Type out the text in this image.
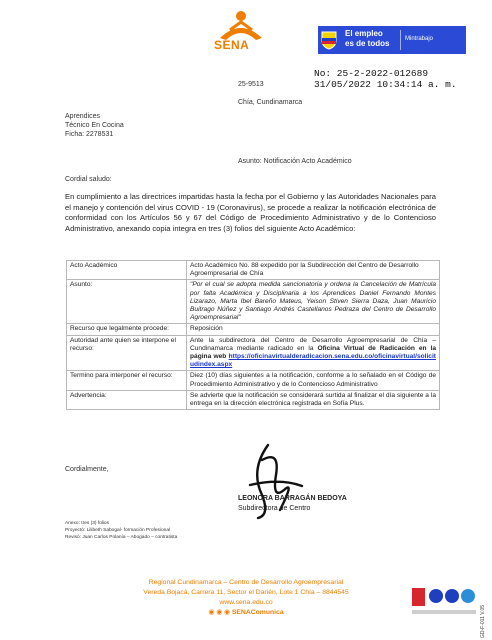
SENA
El empleo
es de todos	Mintrabajo
No: 25-2-2022-012689
31/05/2022 10:34:14 a. m.
25-9513
Chía, Cundinamarca
Aprendices
Técnico En Cocina
Ficha: 2278531
Asunto: Notificación Acto Académico
Cordial saludo:
En cumplimiento a las directrices impartidas hasta la fecha por el Gobierno y las Autoridades Nacionales para el manejo y contención del virus COVID - 19 (Coronavirus), se procede a realizar la notificación electrónica de conformidad con los Artículos 56 y 67 del Código de Procedimiento Administrativo y de lo Contencioso Administrativo, anexando copia integra en tres (3) folios del siguiente Acto Académico:
Acto Académico	Acto Académico No. 88 expedido por la Subdirección del Centro de Desarrollo Agroempresarial de Chía
Asunto:	"Por el cual se adopta medida sancionatoria y ordena la Cancelación de Matrícula por falta Académica y Disciplinaria a los Aprendices Daniel Fernando Montes Lizarazo, Marta Ibel Bareño Mateus, Yeison Stiven Sierra Daza, Juan Mauricio Buitrago Núñez y Santiago Andrés Castellanos Pedraza del Centro de Desarrollo Agroempresarial"
Recurso que legalmente procede:	Reposición
Autoridad ante quien se interpone el recurso:	Ante la subdirectora del Centro de Desarrollo Agroempresarial de Chía – Cundinamarca mediante radicado en la Oficina Virtual de Radicación en la página web https://oficinavirtualderadicacion.sena.edu.co/oficinavirtual/solicitudindex.aspx
Termino para interponer el recurso:	Diez (10) días siguientes a la notificación, conforme a lo señalado en el Código de Procedimiento Administrativo y de lo Contencioso Administrativo
Advertencia:	Se advierte que la notificación se considerará surtida al finalizar el día siguiente a la entrega en la dirección electrónica registrada en Sofía Plus.
Cordialmente,
LEONORA BARRAGÁN BEDOYA
Subdirectora de Centro
Anexo: tres (3) folios
Proyectó: Lilibeth Sabogal- formación Profesional
Revisó: Juan Carlos Polanía – Abogado – contratista
Regional Cundinamarca – Centro de Desarrollo Agroempresarial
Vereda Bojacá, Carrera 11, Sector el Darién, Lote 1 Chía – 8844545
www.sena.edu.co
◉ ◉ ◉ SENAComunica	GD-F-011 V.05
